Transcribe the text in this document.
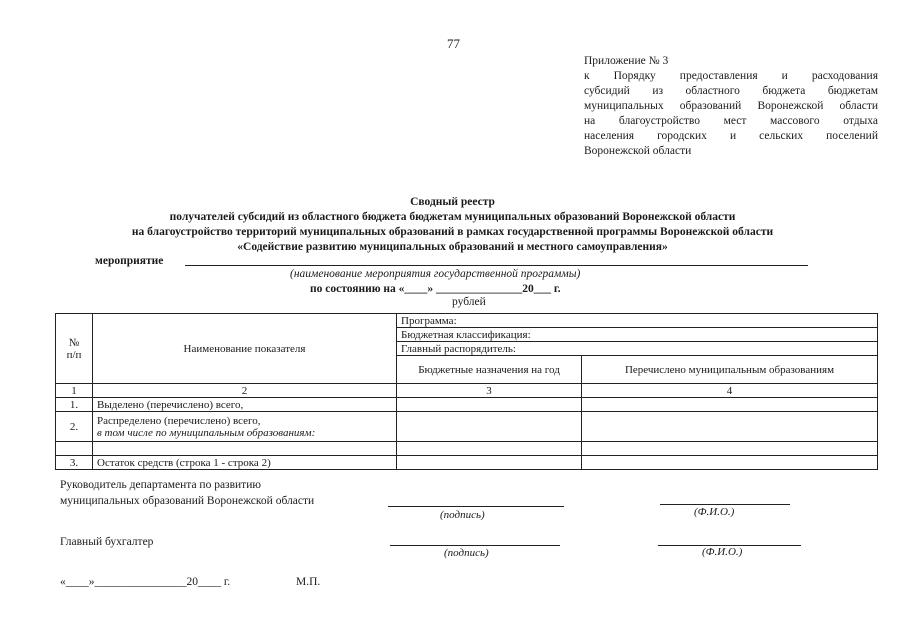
77
Приложение № 3
к Порядку предоставления и расходования
субсидий из областного бюджета бюджетам
муниципальных образований Воронежской области
на благоустройство мест массового отдыха
населения городских и сельских поселений
Воронежской области
Сводный реестр
получателей субсидий из областного бюджета бюджетам муниципальных образований Воронежской области
на благоустройство территорий муниципальных образований в рамках государственной программы Воронежской области
«Содействие развитию муниципальных образований и местного самоуправления»
мероприятие
(наименование мероприятия государственной программы)
по состоянию на «____» _______________20___ г.
рублей
№
п/п	Наименование показателя	Программа:	
		Бюджетная классификация:	
		Главный распорядитель:	
		Бюджетные назначения на год	Перечислено муниципальным образованиям
1	2	3	4
1.	Выделено (перечислено) всего,		
2.	Распределено (перечислено) всего,
в том числе по муниципальным образованиям:		

3.	Остаток средств (строка 1 - строка 2)		
Руководитель департамента по развитию
муниципальных образований Воронежской области
(подпись)	(Ф.И.О.)
Главный бухгалтер
(подпись)	(Ф.И.О.)
«____»________________20____ г.	М.П.
